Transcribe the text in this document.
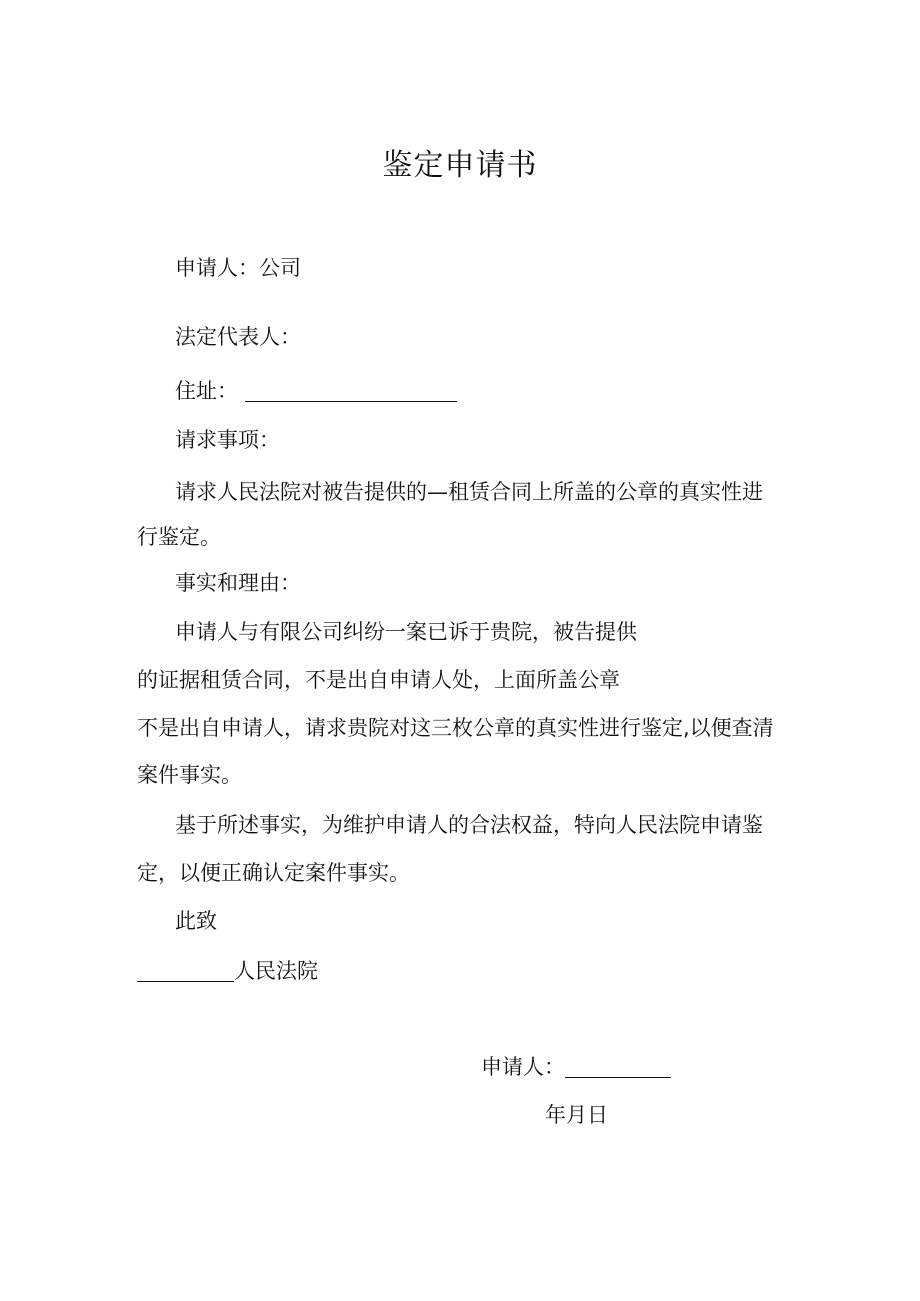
鉴定申请书
申请人：公司
法定代表人：
住址：
请求事项：
请求人民法院对被告提供的—租赁合同上所盖的公章的真实性进
行鉴定。
事实和理由：
申请人与有限公司纠纷一案已诉于贵院，被告提供
的证据租赁合同，不是出自申请人处，上面所盖公章
不是出自申请人，请求贵院对这三枚公章的真实性进行鉴定,以便查清
案件事实。
基于所述事实，为维护申请人的合法权益，特向人民法院申请鉴
定，以便正确认定案件事实。
此致
人民法院
申请人：
年月日
